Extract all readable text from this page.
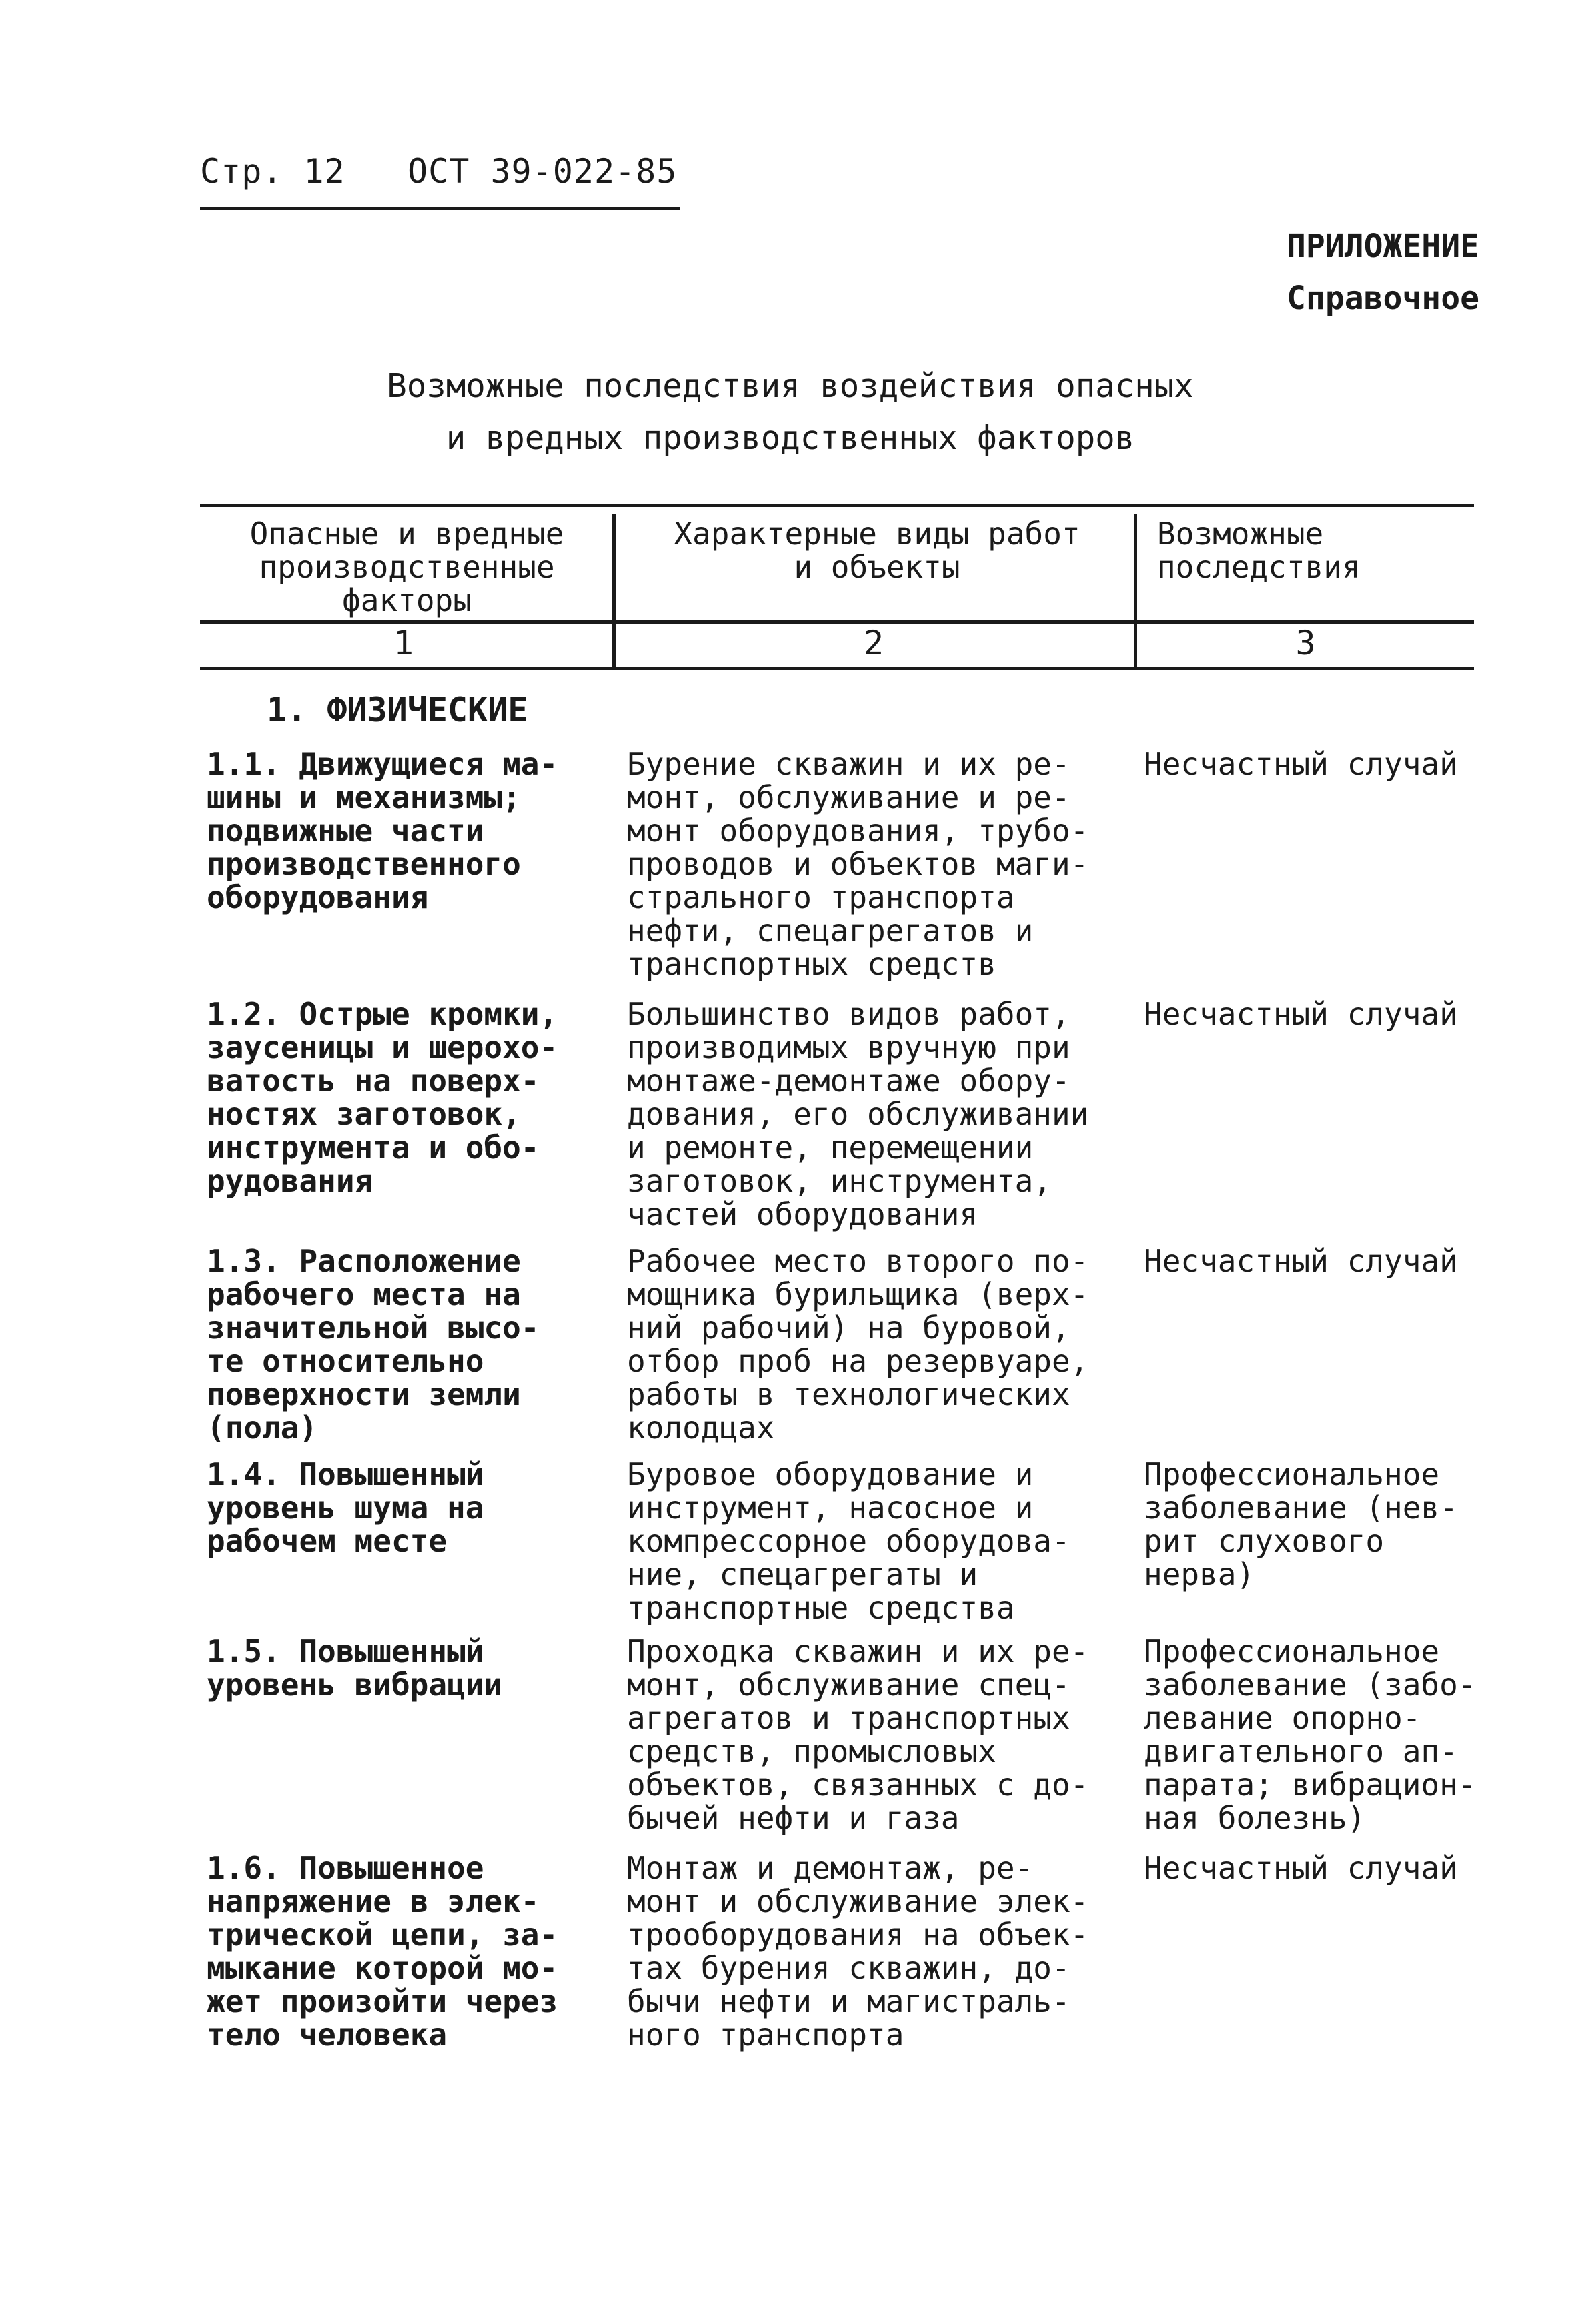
Стр. 12 ОСТ 39-022-85
ПРИЛОЖЕНИЕ
Справочное
Возможные последствия воздействия опасных
и вредных производственных факторов
Опасные и вредные
производственные
факторы
Характерные виды работ
и объекты
Возможные
последствия
1	2	3
1. ФИЗИЧЕСКИЕ
1.1. Движущиеся ма-
шины и механизмы;
подвижные части
производственного
оборудования
Бурение скважин и их ре-
монт, обслуживание и ре-
монт оборудования, трубо-
проводов и объектов маги-
стрального транспорта
нефти, спецагрегатов и
транспортных средств
Несчастный случай
1.2. Острые кромки,
заусеницы и шерохо-
ватость на поверх-
ностях заготовок,
инструмента и обо-
рудования
Большинство видов работ,
производимых вручную при
монтаже-демонтаже обору-
дования, его обслуживании
и ремонте, перемещении
заготовок, инструмента,
частей оборудования
Несчастный случай
1.3. Расположение
рабочего места на
значительной высо-
те относительно
поверхности земли
(пола)
Рабочее место второго по-
мощника бурильщика (верх-
ний рабочий) на буровой,
отбор проб на резервуаре,
работы в технологических
колодцах
Несчастный случай
1.4. Повышенный
уровень шума на
рабочем месте
Буровое оборудование и
инструмент, насосное и
компрессорное оборудова-
ние, спецагрегаты и
транспортные средства
Профессиональное
заболевание (нев-
рит слухового
нерва)
1.5. Повышенный
уровень вибрации
Проходка скважин и их ре-
монт, обслуживание спец-
агрегатов и транспортных
средств, промысловых
объектов, связанных с до-
бычей нефти и газа
Профессиональное
заболевание (забо-
левание опорно-
двигательного ап-
парата; вибрацион-
ная болезнь)
1.6. Повышенное
напряжение в элек-
трической цепи, за-
мыкание которой мо-
жет произойти через
тело человека
Монтаж и демонтаж, ре-
монт и обслуживание элек-
трооборудования на объек-
тах бурения скважин, до-
бычи нефти и магистраль-
ного транспорта
Несчастный случай
